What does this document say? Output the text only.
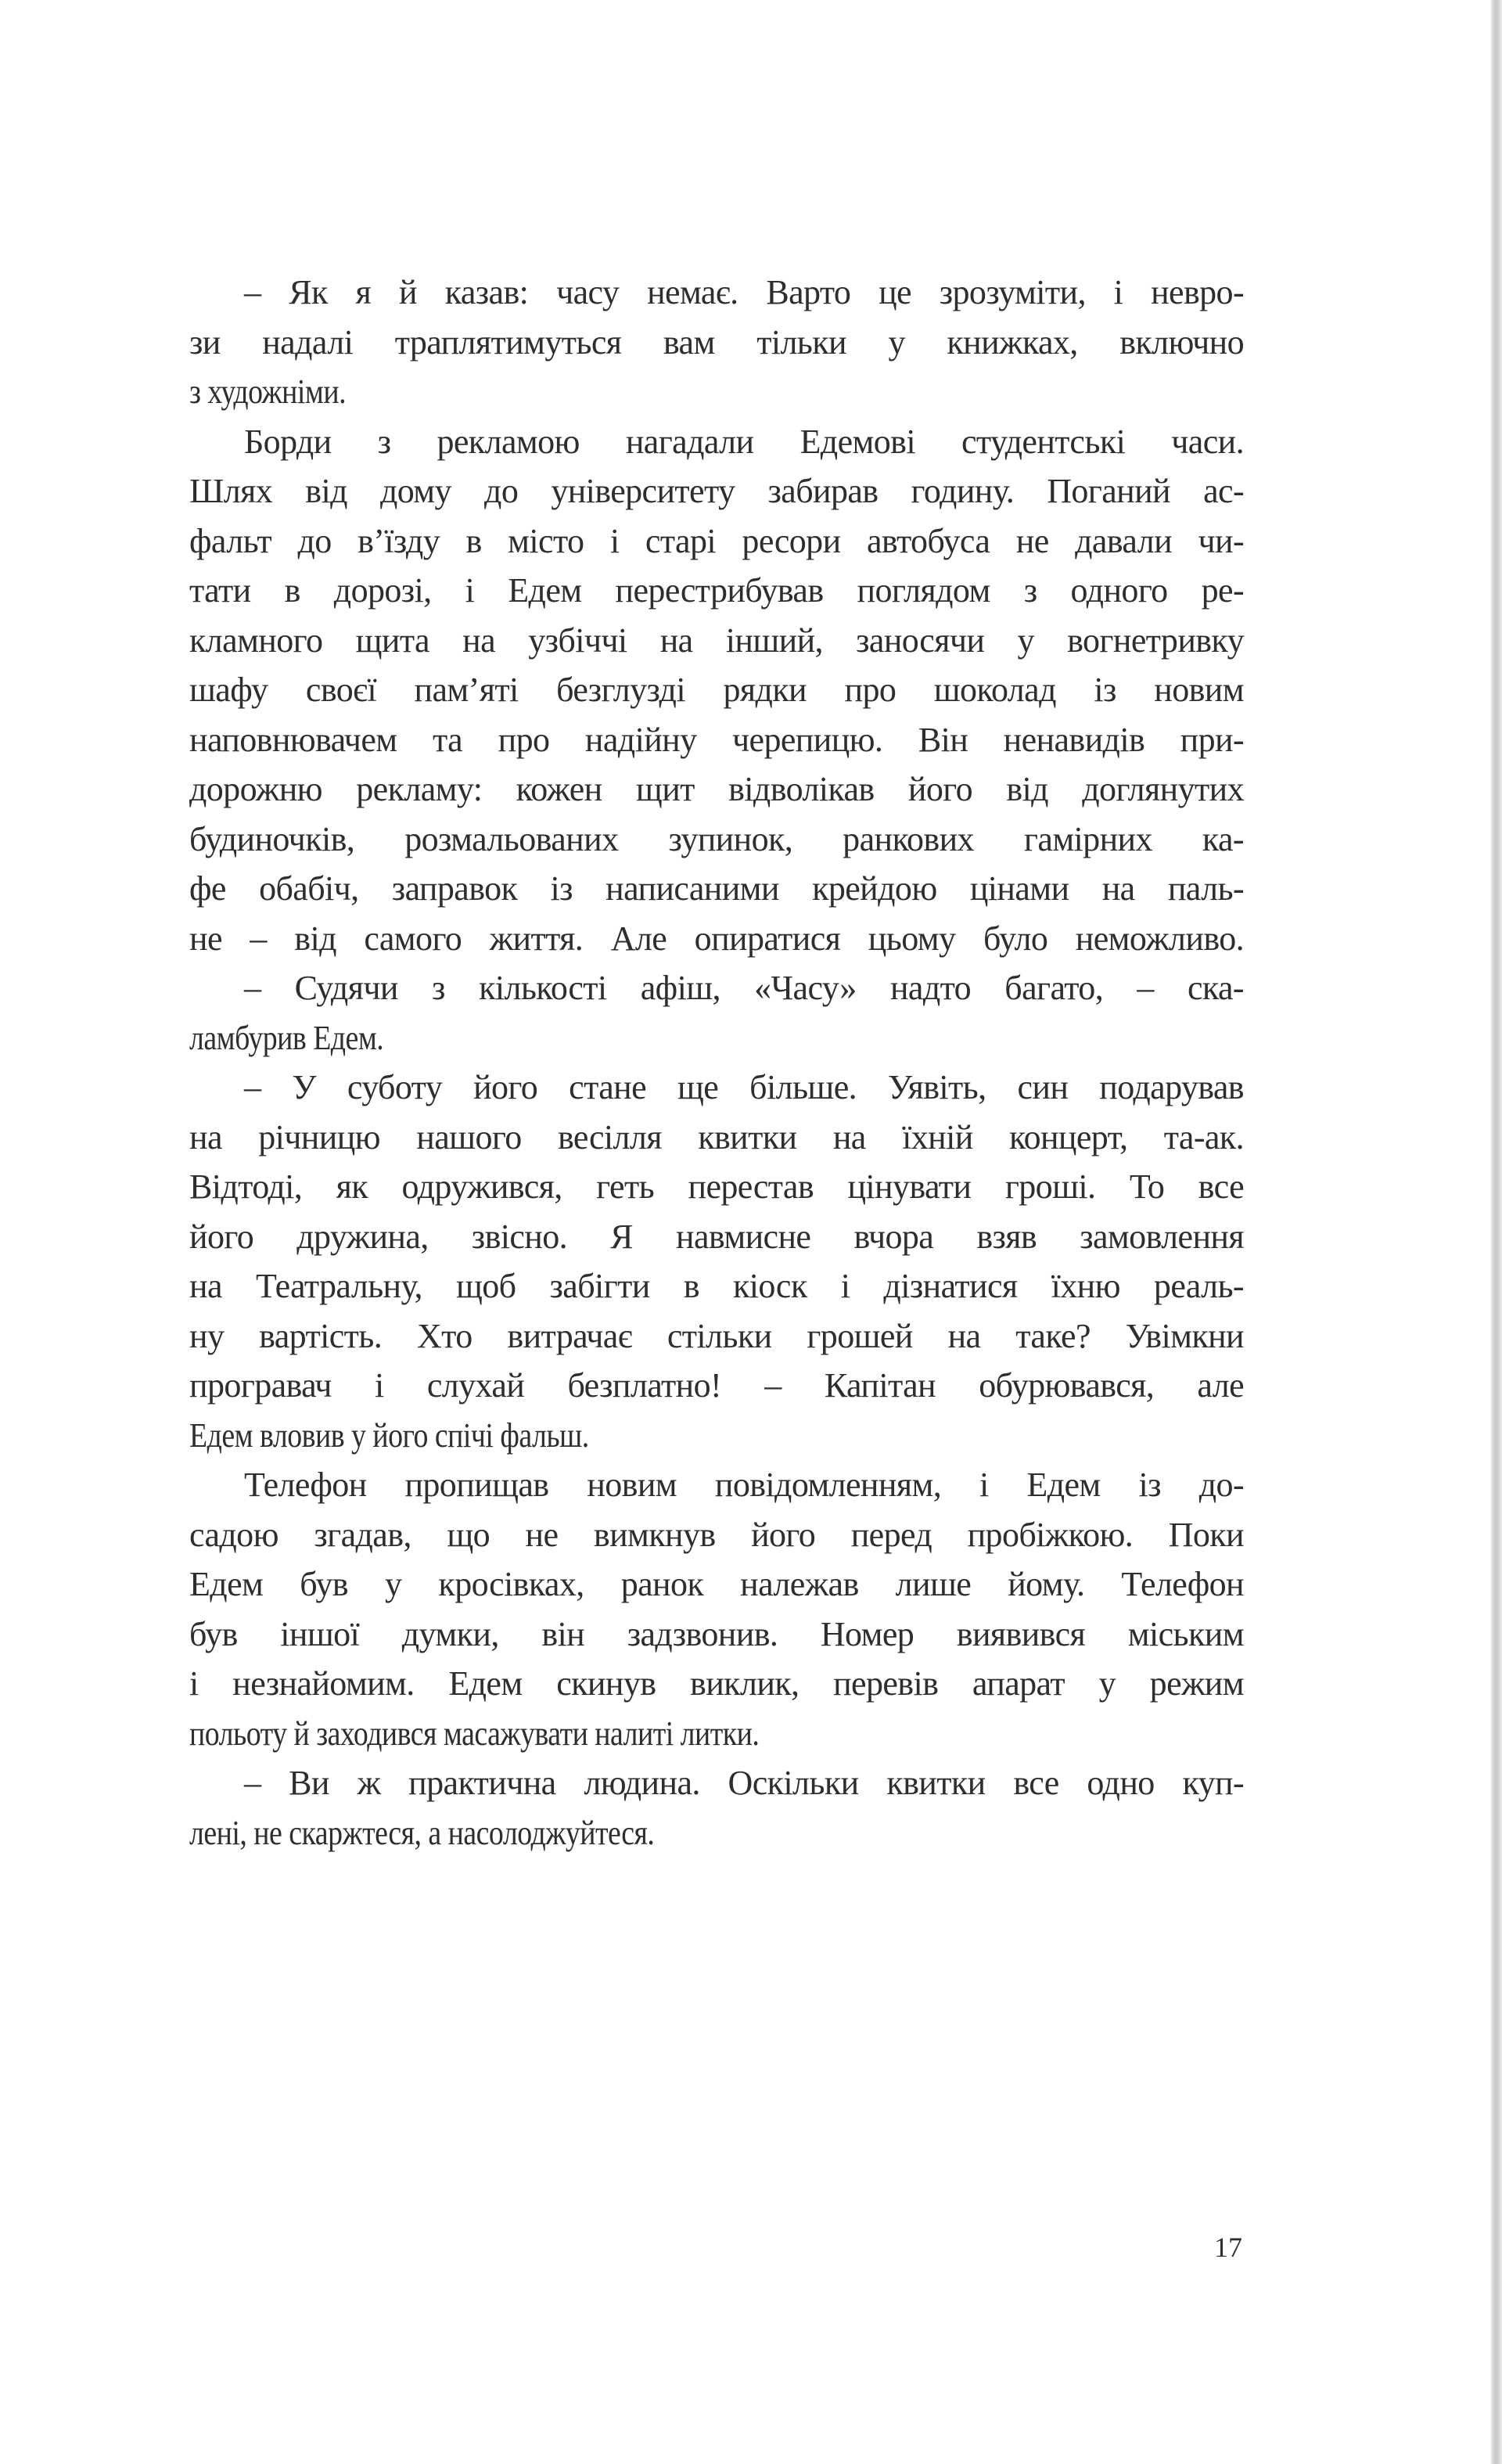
– Як я й казав: часу немає. Варто це зрозуміти, і невро-
зи надалі траплятимуться вам тільки у книжках, включно
з художніми.
Борди з рекламою нагадали Едемові студентські часи.
Шлях від дому до університету забирав годину. Поганий ас-
фальт до в’їзду в місто і старі ресори автобуса не давали чи-
тати в дорозі, і Едем перестрибував поглядом з одного ре-
кламного щита на узбіччі на інший, заносячи у вогнетривку
шафу своєї пам’яті безглузді рядки про шоколад із новим
наповнювачем та про надійну черепицю. Він ненавидів при-
дорожню рекламу: кожен щит відволікав його від доглянутих
будиночків, розмальованих зупинок, ранкових гамірних ка-
фе обабіч, заправок із написаними крейдою цінами на паль-
не – від самого життя. Але опиратися цьому було неможливо.
– Судячи з кількості афіш, «Часу» надто багато, – ска-
ламбурив Едем.
– У суботу його стане ще більше. Уявіть, син подарував
на річницю нашого весілля квитки на їхній концерт, та-ак.
Відтоді, як одружився, геть перестав цінувати гроші. То все
його дружина, звісно. Я навмисне вчора взяв замовлення
на Театральну, щоб забігти в кіоск і дізнатися їхню реаль-
ну вартість. Хто витрачає стільки грошей на таке? Увімкни
програвач і слухай безплатно! – Капітан обурювався, але
Едем вловив у його спічі фальш.
Телефон пропищав новим повідомленням, і Едем із до-
садою згадав, що не вимкнув його перед пробіжкою. Поки
Едем був у кросівках, ранок належав лише йому. Телефон
був іншої думки, він задзвонив. Номер виявився міським
і незнайомим. Едем скинув виклик, перевів апарат у режим
польоту й заходився масажувати налиті литки.
– Ви ж практична людина. Оскільки квитки все одно куп-
лені, не скаржтеся, а насолоджуйтеся.
17
